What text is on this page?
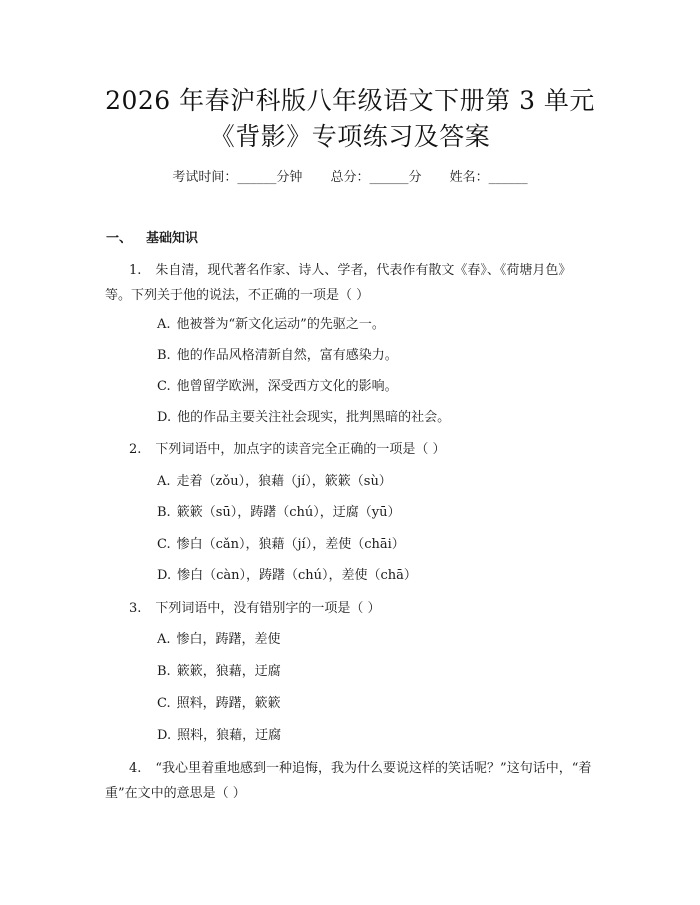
2026 年春沪科版八年级语文下册第 3 单元
《背影》专项练习及答案
考试时间：______分钟 总分：______分 姓名：______
一、 基础知识
1. 朱自清，现代著名作家、诗人、学者，代表作有散文《春》、《荷塘月色》等。下列关于他的说法，不正确的一项是（ ）
A. 他被誉为“新文化运动”的先驱之一。
B. 他的作品风格清新自然，富有感染力。
C. 他曾留学欧洲，深受西方文化的影响。
D. 他的作品主要关注社会现实，批判黑暗的社会。
2. 下列词语中，加点字的读音完全正确的一项是（ ）
A. 走着（zǒu），狼藉（jí），簌簌（sù）
B. 簌簌（sū），踌躇（chú），迂腐（yū）
C. 惨白（cǎn），狼藉（jí），差使（chāi）
D. 惨白（càn），踌躇（chú），差使（chā）
3. 下列词语中，没有错别字的一项是（ ）
A. 惨白，踌躇，差使
B. 簌簌，狼藉，迂腐
C. 照料，踌躇，簌簌
D. 照料，狼藉，迂腐
4. “我心里着重地感到一种追悔，我为什么要说这样的笑话呢？”这句话中，“着重”在文中的意思是（ ）
